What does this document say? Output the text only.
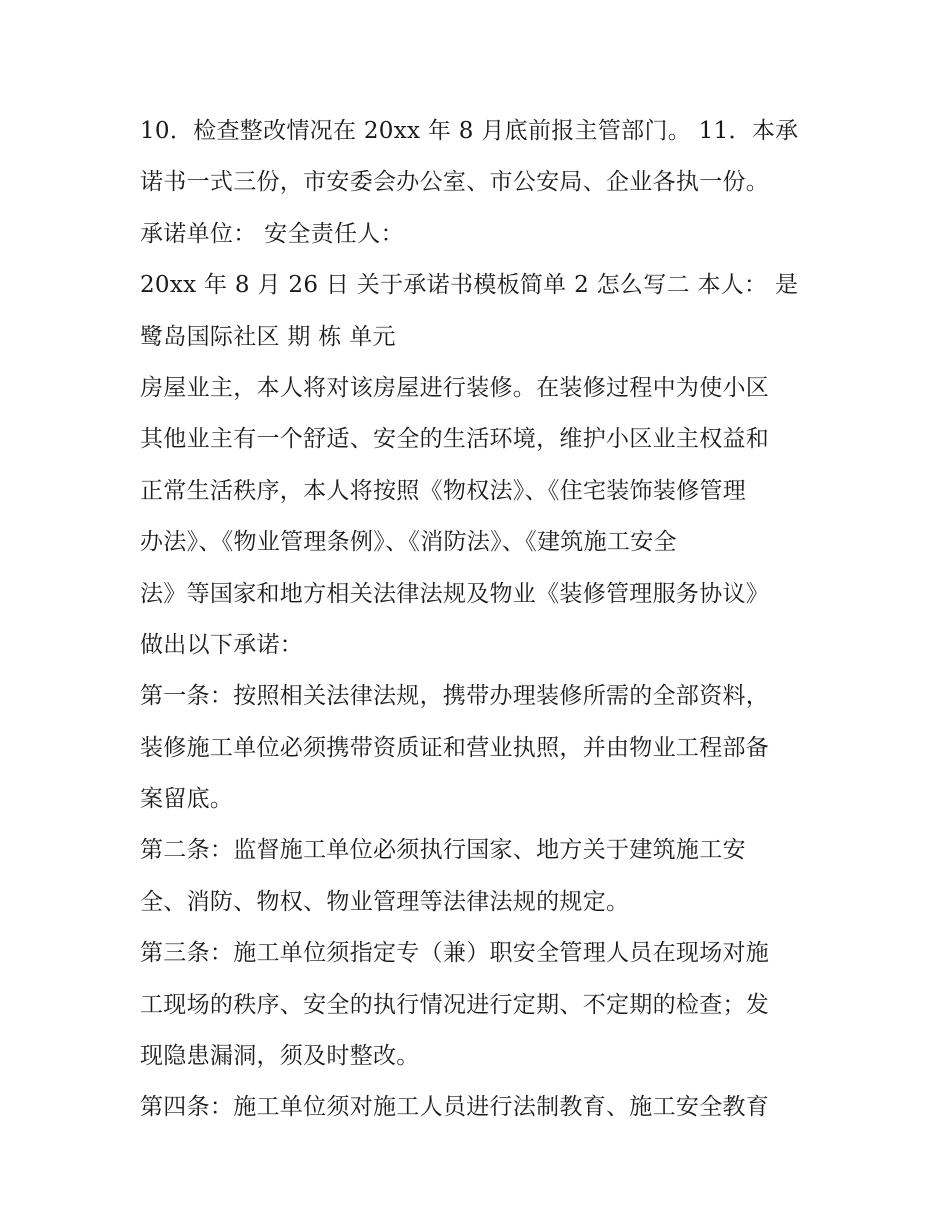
10．检查整改情况在 20xx 年 8 月底前报主管部门。 11．本承
诺书一式三份，市安委会办公室、市公安局、企业各执一份。
承诺单位： 安全责任人：
20xx 年 8 月 26 日 关于承诺书模板简单 2 怎么写二 本人： 是
鹭岛国际社区 期 栋 单元
房屋业主，本人将对该房屋进行装修。在装修过程中为使小区
其他业主有一个舒适、安全的生活环境，维护小区业主权益和
正常生活秩序，本人将按照《物权法》、《住宅装饰装修管理
办法》、《物业管理条例》、《消防法》、《建筑施工安全
法》等国家和地方相关法律法规及物业《装修管理服务协议》
做出以下承诺：
第一条：按照相关法律法规，携带办理装修所需的全部资料，
装修施工单位必须携带资质证和营业执照，并由物业工程部备
案留底。
第二条：监督施工单位必须执行国家、地方关于建筑施工安
全、消防、物权、物业管理等法律法规的规定。
第三条：施工单位须指定专（兼）职安全管理人员在现场对施
工现场的秩序、安全的执行情况进行定期、不定期的检查；发
现隐患漏洞，须及时整改。
第四条：施工单位须对施工人员进行法制教育、施工安全教育
